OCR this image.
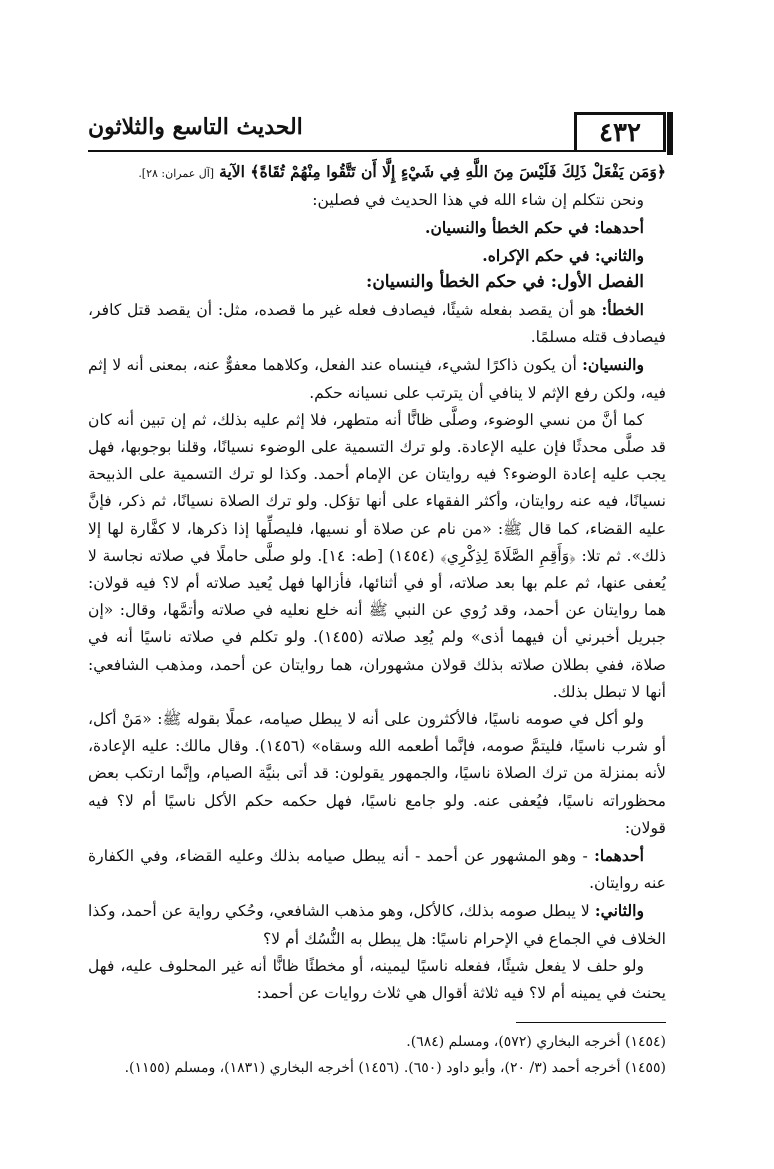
٤٣٢
الحديث التاسع والثلاثون

﴿وَمَن يَفْعَلْ ذَلِكَ فَلَيْسَ مِنَ اللَّهِ فِي شَيْءٍ إِلَّا أَن تَتَّقُوا مِنْهُمْ تُقَاةً﴾ الآية [آل عمران: ٢٨].

ونحن نتكلم إن شاء الله في هذا الحديث في فصلين:

أحدهما: في حكم الخطأ والنسيان.

والثاني: في حكم الإكراه.

الفصل الأول: في حكم الخطأ والنسيان:

الخطأ: هو أن يقصد بفعله شيئًا، فيصادف فعله غير ما قصده، مثل: أن يقصد قتل كافر، فيصادف قتله مسلمًا.

والنسيان: أن يكون ذاكرًا لشيء، فينساه عند الفعل، وكلاهما معفوٌّ عنه، بمعنى أنه لا إثم فيه، ولكن رفع الإثم لا ينافي أن يترتب على نسيانه حكم.

كما أنَّ من نسي الوضوء، وصلَّى ظانًّا أنه متطهر، فلا إثم عليه بذلك، ثم إن تبين أنه كان قد صلَّى محدثًا فإن عليه الإعادة. ولو ترك التسمية على الوضوء نسيانًا، وقلنا بوجوبها، فهل يجب عليه إعادة الوضوء؟ فيه روايتان عن الإمام أحمد. وكذا لو ترك التسمية على الذبيحة نسيانًا، فيه عنه روايتان، وأكثر الفقهاء على أنها تؤكل. ولو ترك الصلاة نسيانًا، ثم ذكر، فإنَّ عليه القضاء، كما قال ﷺ: «من نام عن صلاة أو نسيها، فليصلِّها إذا ذكرها، لا كفَّارة لها إلا ذلك». ثم تلا: ﴿وَأَقِمِ الصَّلَاةَ لِذِكْرِي﴾ (١٤٥٤) [طه: ١٤]. ولو صلَّى حاملًا في صلاته نجاسة لا يُعفى عنها، ثم علم بها بعد صلاته، أو في أثنائها، فأزالها فهل يُعيد صلاته أم لا؟ فيه قولان: هما روايتان عن أحمد، وقد رُوي عن النبي ﷺ أنه خلع نعليه في صلاته وأتمَّها، وقال: «إن جبريل أخبرني أن فيهما أذى» ولم يُعِد صلاته (١٤٥٥). ولو تكلم في صلاته ناسيًا أنه في صلاة، ففي بطلان صلاته بذلك قولان مشهوران، هما روايتان عن أحمد، ومذهب الشافعي: أنها لا تبطل بذلك.

ولو أكل في صومه ناسيًا، فالأكثرون على أنه لا يبطل صيامه، عملًا بقوله ﷺ: «مَنْ أكل، أو شرب ناسيًا، فليتمَّ صومه، فإنَّما أطعمه الله وسقاه» (١٤٥٦). وقال مالك: عليه الإعادة، لأنه بمنزلة من ترك الصلاة ناسيًا، والجمهور يقولون: قد أتى بنيَّة الصيام، وإنَّما ارتكب بعض محظوراته ناسيًا، فيُعفى عنه. ولو جامع ناسيًا، فهل حكمه حكم الأكل ناسيًا أم لا؟ فيه قولان:

أحدهما: - وهو المشهور عن أحمد - أنه يبطل صيامه بذلك وعليه القضاء، وفي الكفارة عنه روايتان.

والثاني: لا يبطل صومه بذلك، كالأكل، وهو مذهب الشافعي، وحُكي رواية عن أحمد، وكذا الخلاف في الجماع في الإحرام ناسيًا: هل يبطل به النُّسُك أم لا؟

ولو حلف لا يفعل شيئًا، ففعله ناسيًا ليمينه، أو مخطئًا ظانًّا أنه غير المحلوف عليه، فهل يحنث في يمينه أم لا؟ فيه ثلاثة أقوال هي ثلاث روايات عن أحمد:

(١٤٥٤) أخرجه البخاري (٥٧٢)، ومسلم (٦٨٤).

(١٤٥٥) أخرجه أحمد (٣/ ٢٠)، وأبو داود (٦٥٠). (١٤٥٦) أخرجه البخاري (١٨٣١)، ومسلم (١١٥٥).
